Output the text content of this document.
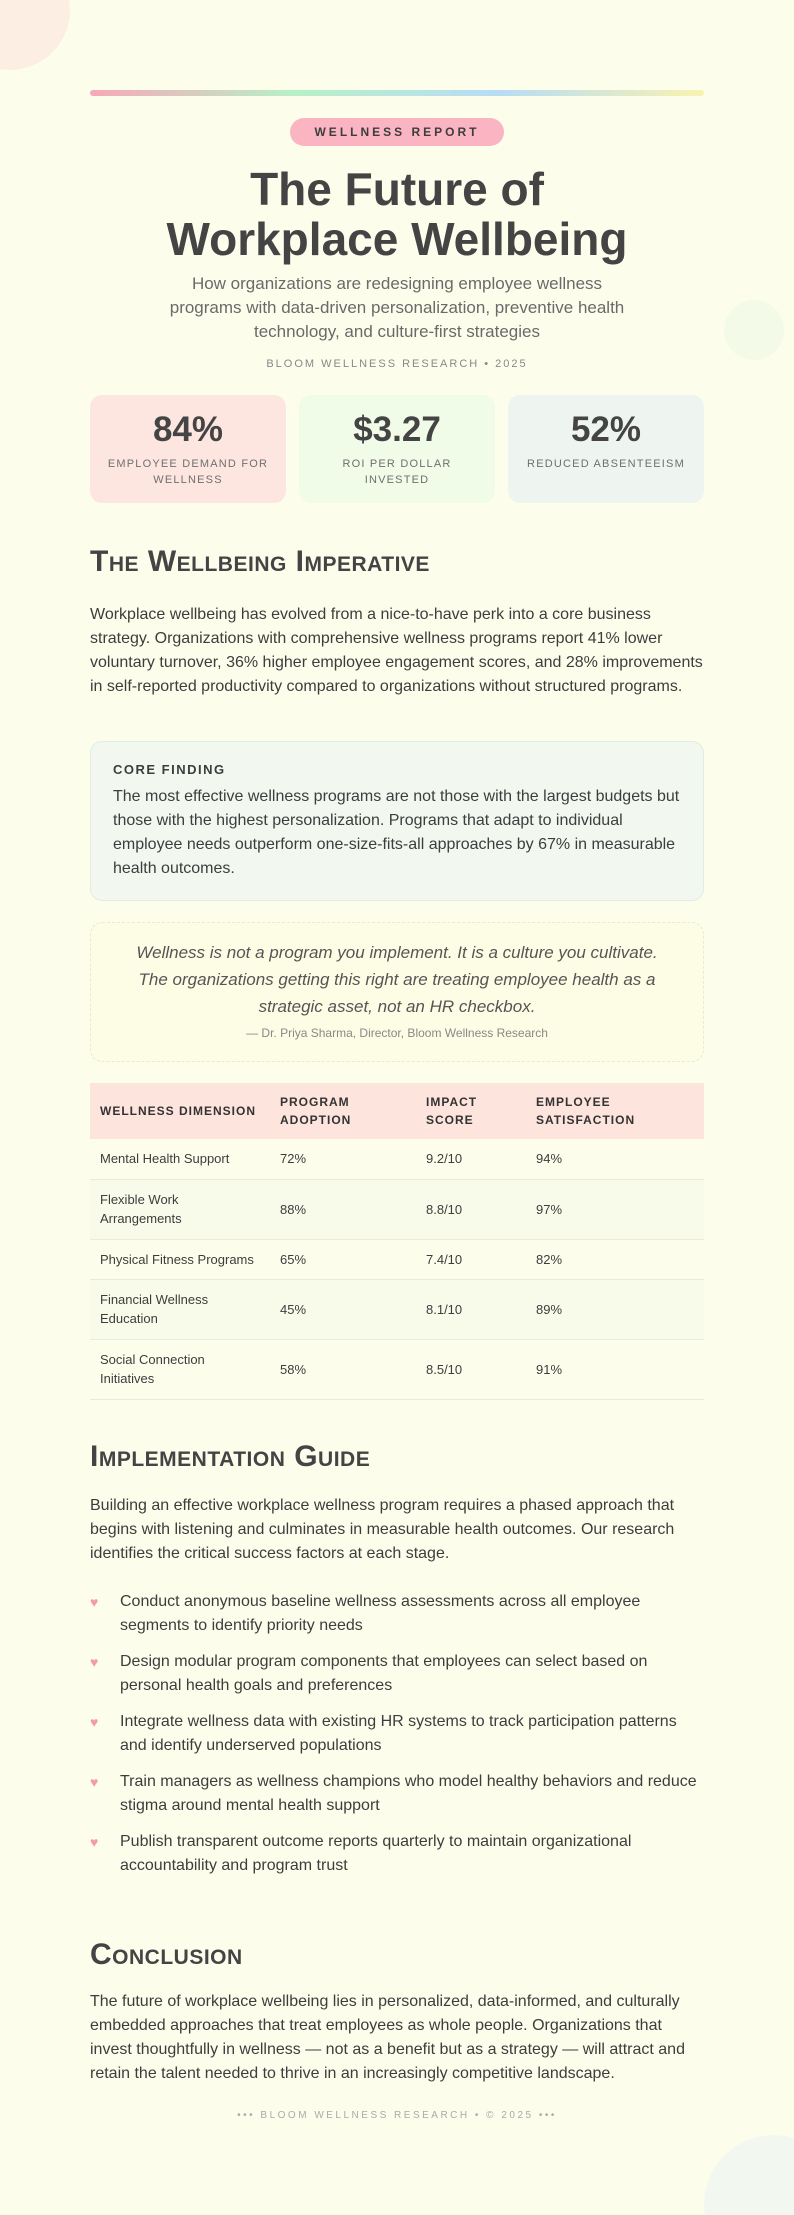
WELLNESS REPORT
The Future of
Workplace Wellbeing

How organizations are redesigning employee wellness programs with data-driven personalization, preventive health technology, and culture-first strategies

BLOOM WELLNESS RESEARCH • 2025

84%
EMPLOYEE DEMAND FOR WELLNESS
$3.27
ROI PER DOLLAR INVESTED
52%
REDUCED ABSENTEEISM
The Wellbeing Imperative

Workplace wellbeing has evolved from a nice-to-have perk into a core business strategy. Organizations with comprehensive wellness programs report 41% lower voluntary turnover, 36% higher employee engagement scores, and 28% improvements in self-reported productivity compared to organizations without structured programs.

CORE FINDING
The most effective wellness programs are not those with the largest budgets but those with the highest personalization. Programs that adapt to individual employee needs outperform one-size-fits-all approaches by 67% in measurable health outcomes.
Wellness is not a program you implement. It is a culture you cultivate. The organizations getting this right are treating employee health as a strategic asset, not an HR checkbox.
— Dr. Priya Sharma, Director, Bloom Wellness Research
WELLNESS DIMENSION	PROGRAM ADOPTION	IMPACT SCORE	EMPLOYEE SATISFACTION
Mental Health Support	72%	9.2/10	94%
Flexible Work Arrangements	88%	8.8/10	97%
Physical Fitness Programs	65%	7.4/10	82%
Financial Wellness Education	45%	8.1/10	89%
Social Connection Initiatives	58%	8.5/10	91%
Implementation Guide

Building an effective workplace wellness program requires a phased approach that begins with listening and culminates in measurable health outcomes. Our research identifies the critical success factors at each stage.

♥ Conduct anonymous baseline wellness assessments across all employee segments to identify priority needs
♥ Design modular program components that employees can select based on personal health goals and preferences
♥ Integrate wellness data with existing HR systems to track participation patterns and identify underserved populations
♥ Train managers as wellness champions who model healthy behaviors and reduce stigma around mental health support
♥ Publish transparent outcome reports quarterly to maintain organizational accountability and program trust
Conclusion

The future of workplace wellbeing lies in personalized, data-informed, and culturally embedded approaches that treat employees as whole people. Organizations that invest thoughtfully in wellness — not as a benefit but as a strategy — will attract and retain the talent needed to thrive in an increasingly competitive landscape.

••• BLOOM WELLNESS RESEARCH • © 2025 •••
